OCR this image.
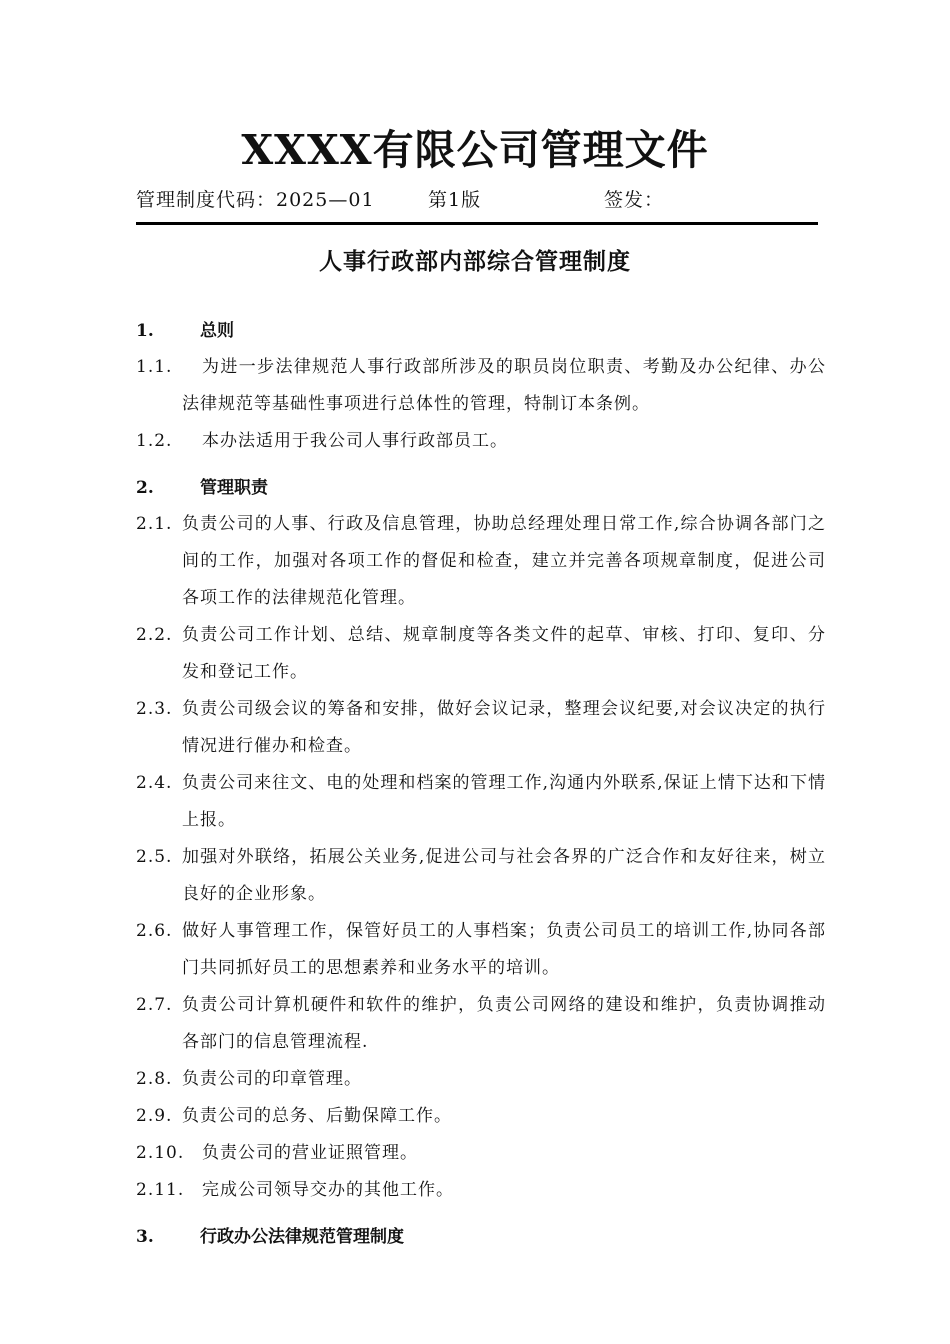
XXXX有限公司管理文件
管理制度代码：2025—01	第1版	签发：
人事行政部内部综合管理制度
1.	总则
1.1.	为进一步法律规范人事行政部所涉及的职员岗位职责、考勤及办公纪律、办公法律规范等基础性事项进行总体性的管理，特制订本条例。
1.2.	本办法适用于我公司人事行政部员工。
2.	管理职责
2.1. 负责公司的人事、行政及信息管理，协助总经理处理日常工作,综合协调各部门之间的工作，加强对各项工作的督促和检查，建立并完善各项规章制度，促进公司各项工作的法律规范化管理。
2.2. 负责公司工作计划、总结、规章制度等各类文件的起草、审核、打印、复印、分发和登记工作。
2.3. 负责公司级会议的筹备和安排，做好会议记录，整理会议纪要,对会议决定的执行情况进行催办和检查。
2.4. 负责公司来往文、电的处理和档案的管理工作,沟通内外联系,保证上情下达和下情上报。
2.5. 加强对外联络，拓展公关业务,促进公司与社会各界的广泛合作和友好往来，树立良好的企业形象。
2.6. 做好人事管理工作，保管好员工的人事档案；负责公司员工的培训工作,协同各部门共同抓好员工的思想素养和业务水平的培训。
2.7. 负责公司计算机硬件和软件的维护，负责公司网络的建设和维护，负责协调推动各部门的信息管理流程.
2.8. 负责公司的印章管理。
2.9. 负责公司的总务、后勤保障工作。
2.10.	负责公司的营业证照管理。
2.11.	完成公司领导交办的其他工作。
3.	行政办公法律规范管理制度
